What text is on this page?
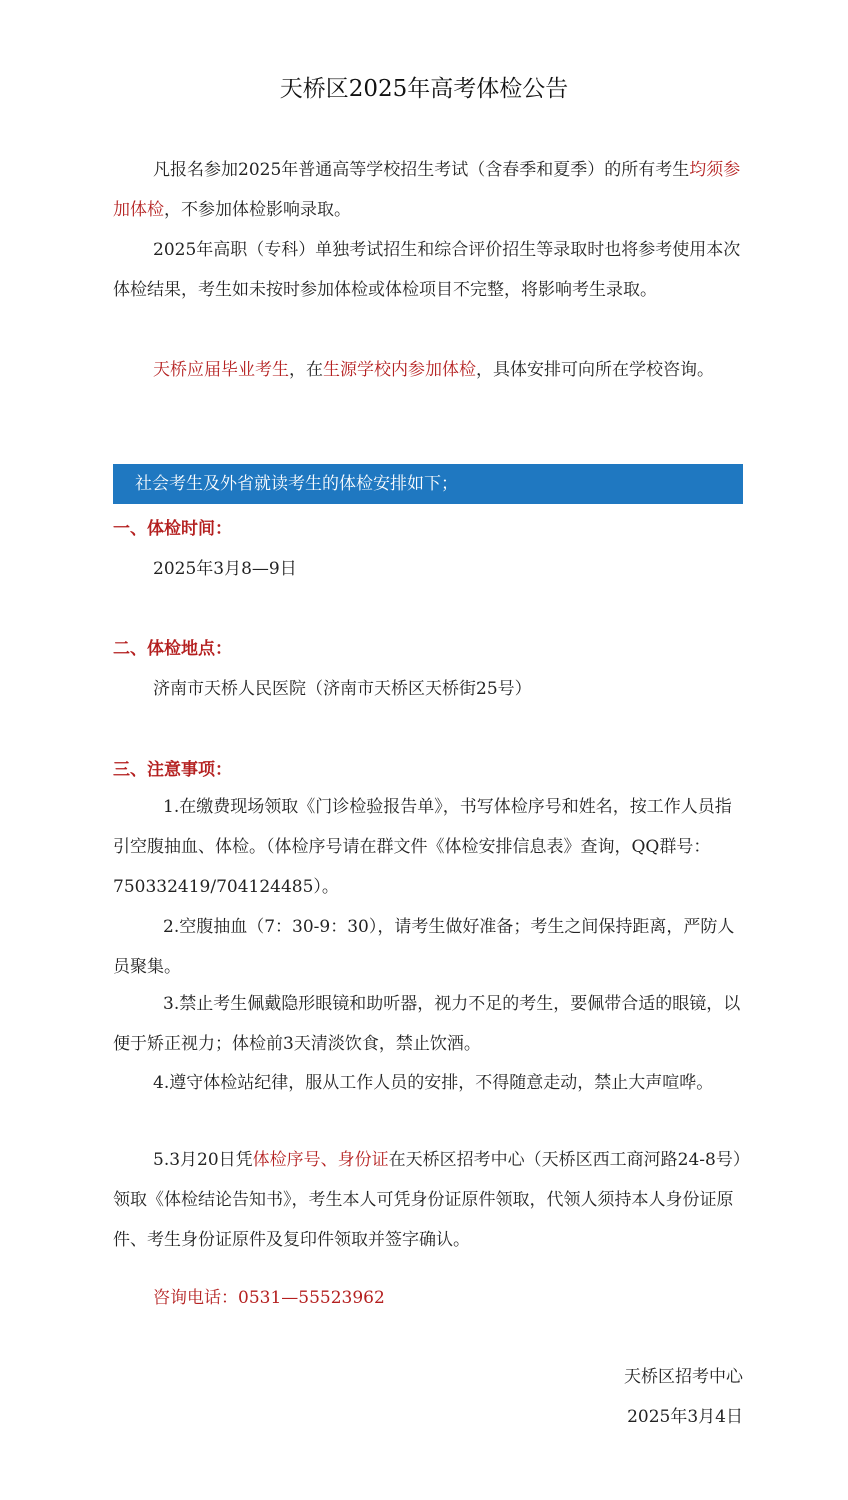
天桥区2025年高考体检公告

凡报名参加2025年普通高等学校招生考试（含春季和夏季）的所有考生均须参加体检，不参加体检影响录取。

2025年高职（专科）单独考试招生和综合评价招生等录取时也将参考使用本次体检结果，考生如未按时参加体检或体检项目不完整，将影响考生录取。

天桥应届毕业考生，在生源学校内参加体检，具体安排可向所在学校咨询。

社会考生及外省就读考生的体检安排如下；
一、体检时间：
2025年3月8—9日
二、体检地点：
济南市天桥人民医院（济南市天桥区天桥街25号）
三、注意事项：

1.在缴费现场领取《门诊检验报告单》，书写体检序号和姓名，按工作人员指引空腹抽血、体检。（体检序号请在群文件《体检安排信息表》查询，QQ群号：750332419/704124485）。

2.空腹抽血（7：30-9：30），请考生做好准备；考生之间保持距离，严防人员聚集。

3.禁止考生佩戴隐形眼镜和助听器，视力不足的考生，要佩带合适的眼镜，以便于矫正视力；体检前3天清淡饮食，禁止饮酒。

4.遵守体检站纪律，服从工作人员的安排，不得随意走动，禁止大声喧哗。

5.3月20日凭体检序号、身份证在天桥区招考中心（天桥区西工商河路24-8号）领取《体检结论告知书》，考生本人可凭身份证原件领取，代领人须持本人身份证原件、考生身份证原件及复印件领取并签字确认。

咨询电话：0531—55523962
天桥区招考中心
2025年3月4日
